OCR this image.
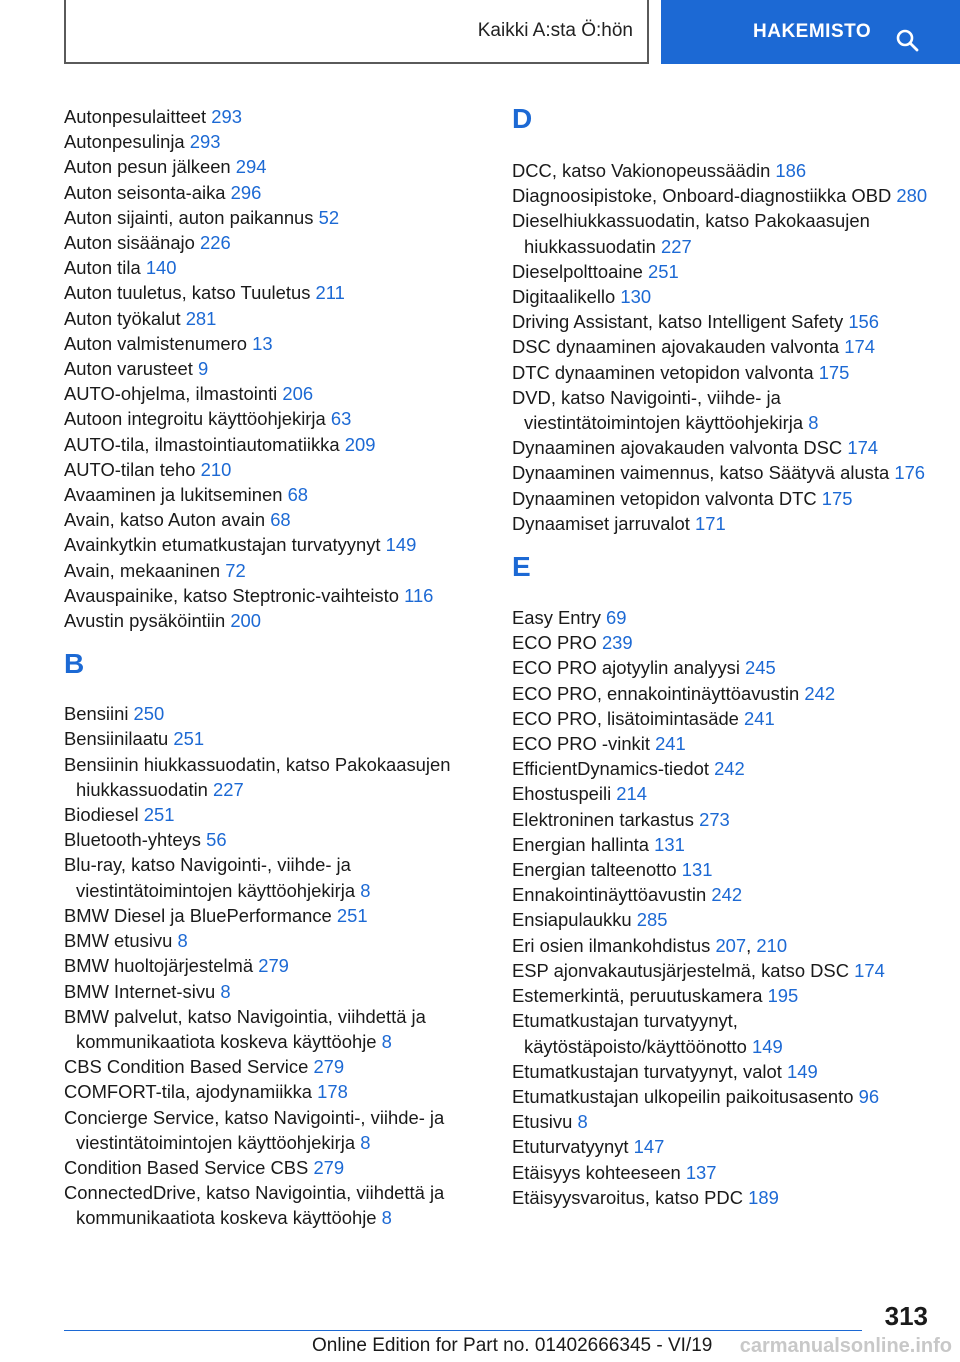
Kaikki A:sta Ö:hön	HAKEMISTO
Autonpesulaitteet 293
Autonpesulinja 293
Auton pesun jälkeen 294
Auton seisonta-aika 296
Auton sijainti, auton paikannus 52
Auton sisäänajo 226
Auton tila 140
Auton tuuletus, katso Tuuletus 211
Auton työkalut 281
Auton valmistenumero 13
Auton varusteet 9
AUTO-ohjelma, ilmastointi 206
Autoon integroitu käyttöohjekirja 63
AUTO-tila, ilmastointiautomatiikka 209
AUTO-tilan teho 210
Avaaminen ja lukitseminen 68
Avain, katso Auton avain 68
Avainkytkin etumatkustajan turvatyynyt 149
Avain, mekaaninen 72
Avauspainike, katso Steptronic-vaihteisto 116
Avustin pysäköintiin 200
B
Bensiini 250
Bensiinilaatu 251
Bensiinin hiukkassuodatin, katso Pakokaasujen hiukkassuodatin 227
Biodiesel 251
Bluetooth-yhteys 56
Blu-ray, katso Navigointi-, viihde- ja viestintätoimintojen käyttöohjekirja 8
BMW Diesel ja BluePerformance 251
BMW etusivu 8
BMW huoltojärjestelmä 279
BMW Internet-sivu 8
BMW palvelut, katso Navigointia, viihdettä ja kommunikaatiota koskeva käyttöohje 8
CBS Condition Based Service 279
COMFORT-tila, ajodynamiikka 178
Concierge Service, katso Navigointi-, viihde- ja viestintätoimintojen käyttöohjekirja 8
Condition Based Service CBS 279
ConnectedDrive, katso Navigointia, viihdettä ja kommunikaatiota koskeva käyttöohje 8
D
DCC, katso Vakionopeussäädin 186
Diagnoosipistoke, Onboard-diagnostiikka OBD 280
Dieselhiukkassuodatin, katso Pakokaasujen hiukkassuodatin 227
Dieselpolttoaine 251
Digitaalikello 130
Driving Assistant, katso Intelligent Safety 156
DSC dynaaminen ajovakauden valvonta 174
DTC dynaaminen vetopidon valvonta 175
DVD, katso Navigointi-, viihde- ja viestintätoimintojen käyttöohjekirja 8
Dynaaminen ajovakauden valvonta DSC 174
Dynaaminen vaimennus, katso Säätyvä alusta 176
Dynaaminen vetopidon valvonta DTC 175
Dynaamiset jarruvalot 171
E
Easy Entry 69
ECO PRO 239
ECO PRO ajotyylin analyysi 245
ECO PRO, ennakointinäyttöavustin 242
ECO PRO, lisätoimintasäde 241
ECO PRO -vinkit 241
EfficientDynamics-tiedot 242
Ehostuspeili 214
Elektroninen tarkastus 273
Energian hallinta 131
Energian talteenotto 131
Ennakointinäyttöavustin 242
Ensiapulaukku 285
Eri osien ilmankohdistus 207, 210
ESP ajonvakautusjärjestelmä, katso DSC 174
Estemerkintä, peruutuskamera 195
Etumatkustajan turvatyynyt, käytöstäpoisto/käyttöönotto 149
Etumatkustajan turvatyynyt, valot 149
Etumatkustajan ulkopeilin paikoitusasento 96
Etusivu 8
Etuturvatyynyt 147
Etäisyys kohteeseen 137
Etäisyysvaroitus, katso PDC 189
313
Online Edition for Part no. 01402666345 - VI/19 carmanualsonline.info
